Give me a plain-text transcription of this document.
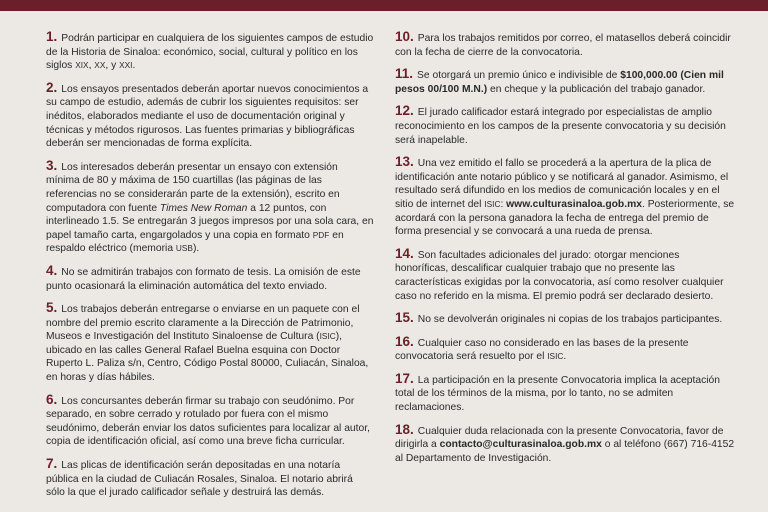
1. Podrán participar en cualquiera de los siguientes campos de estudio de la Historia de Sinaloa: económico, social, cultural y político en los siglos XIX, XX, y XXI.

2. Los ensayos presentados deberán aportar nuevos conocimientos a su campo de estudio, además de cubrir los siguientes requisitos: ser inéditos, elaborados mediante el uso de documentación original y técnicas y métodos rigurosos. Las fuentes primarias y bibliográficas deberán ser mencionadas de forma explícita.

3. Los interesados deberán presentar un ensayo con extensión mínima de 80 y máxima de 150 cuartillas (las páginas de las referencias no se considerarán parte de la extensión), escrito en computadora con fuente Times New Roman a 12 puntos, con interlineado 1.5. Se entregarán 3 juegos impresos por una sola cara, en papel tamaño carta, engargolados y una copia en formato PDF en respaldo eléctrico (memoria USB).

4. No se admitirán trabajos con formato de tesis. La omisión de este punto ocasionará la eliminación automática del texto enviado.

5. Los trabajos deberán entregarse o enviarse en un paquete con el nombre del premio escrito claramente a la Dirección de Patrimonio, Museos e Investigación del Instituto Sinaloense de Cultura (ISIC), ubicado en las calles General Rafael Buelna esquina con Doctor Ruperto L. Paliza s/n, Centro, Código Postal 80000, Culiacán, Sinaloa, en horas y días hábiles.

6. Los concursantes deberán firmar su trabajo con seudónimo. Por separado, en sobre cerrado y rotulado por fuera con el mismo seudónimo, deberán enviar los datos suficientes para localizar al autor, copia de identificación oficial, así como una breve ficha curricular.

7. Las plicas de identificación serán depositadas en una notaría pública en la ciudad de Culiacán Rosales, Sinaloa. El notario abrirá sólo la que el jurado calificador señale y destruirá las demás.

10. Para los trabajos remitidos por correo, el matasellos deberá coincidir con la fecha de cierre de la convocatoria.

11. Se otorgará un premio único e indivisible de $100,000.00 (Cien mil pesos 00/100 M.N.) en cheque y la publicación del trabajo ganador.

12. El jurado calificador estará integrado por especialistas de amplio reconocimiento en los campos de la presente convocatoria y su decisión será inapelable.

13. Una vez emitido el fallo se procederá a la apertura de la plica de identificación ante notario público y se notificará al ganador. Asimismo, el resultado será difundido en los medios de comunicación locales y en el sitio de internet del ISIC: www.culturasinaloa.gob.mx. Posteriormente, se acordará con la persona ganadora la fecha de entrega del premio de forma presencial y se convocará a una rueda de prensa.

14. Son facultades adicionales del jurado: otorgar menciones honoríficas, descalificar cualquier trabajo que no presente las características exigidas por la convocatoria, así como resolver cualquier caso no referido en la misma. El premio podrá ser declarado desierto.

15. No se devolverán originales ni copias de los trabajos participantes.

16. Cualquier caso no considerado en las bases de la presente convocatoria será resuelto por el ISIC.

17. La participación en la presente Convocatoria implica la aceptación total de los términos de la misma, por lo tanto, no se admiten reclamaciones.

18. Cualquier duda relacionada con la presente Convocatoria, favor de dirigirla a contacto@culturasinaloa.gob.mx o al teléfono (667) 716-4152 al Departamento de Investigación.
